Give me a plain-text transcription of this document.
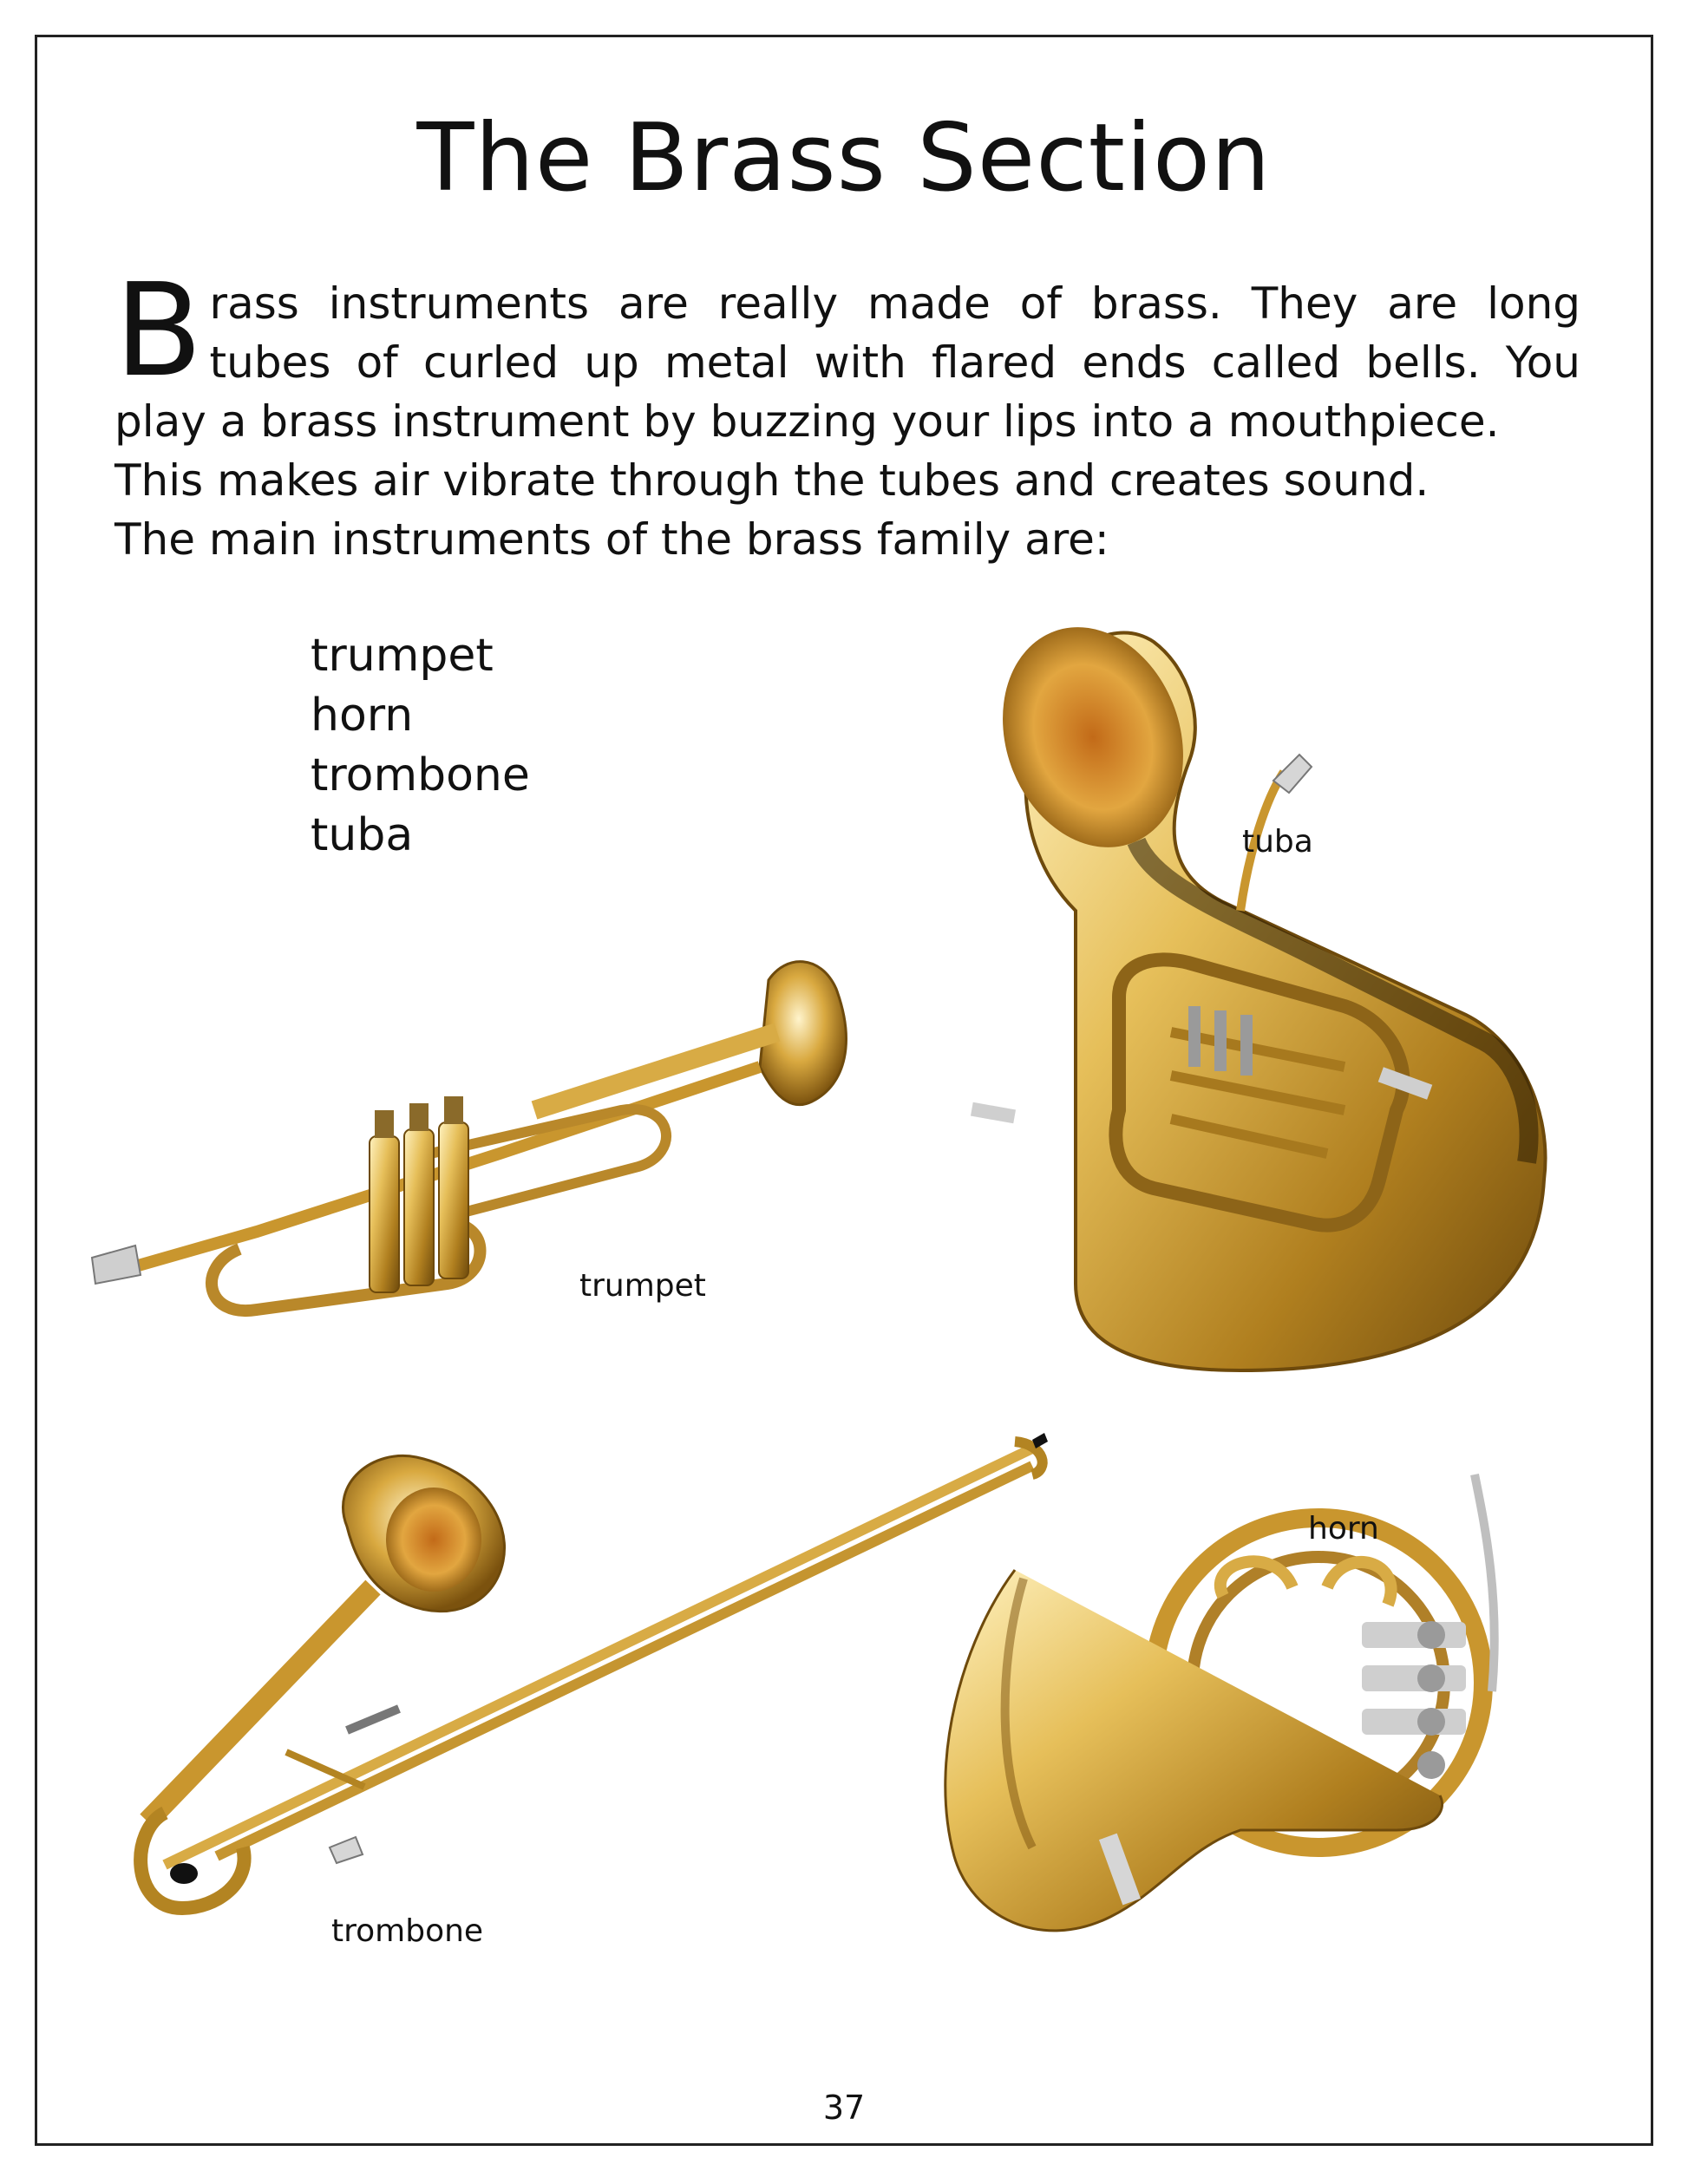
The Brass Section
B rass instruments are really made of brass. They are long
tubes of curled up metal with flared ends called bells. You
play a brass instrument by buzzing your lips into a mouthpiece.
This makes air vibrate through the tubes and creates sound.
The main instruments of the brass family are:
trumpet
horn
trombone
tuba	tuba
trumpet
horn
trombone
37
